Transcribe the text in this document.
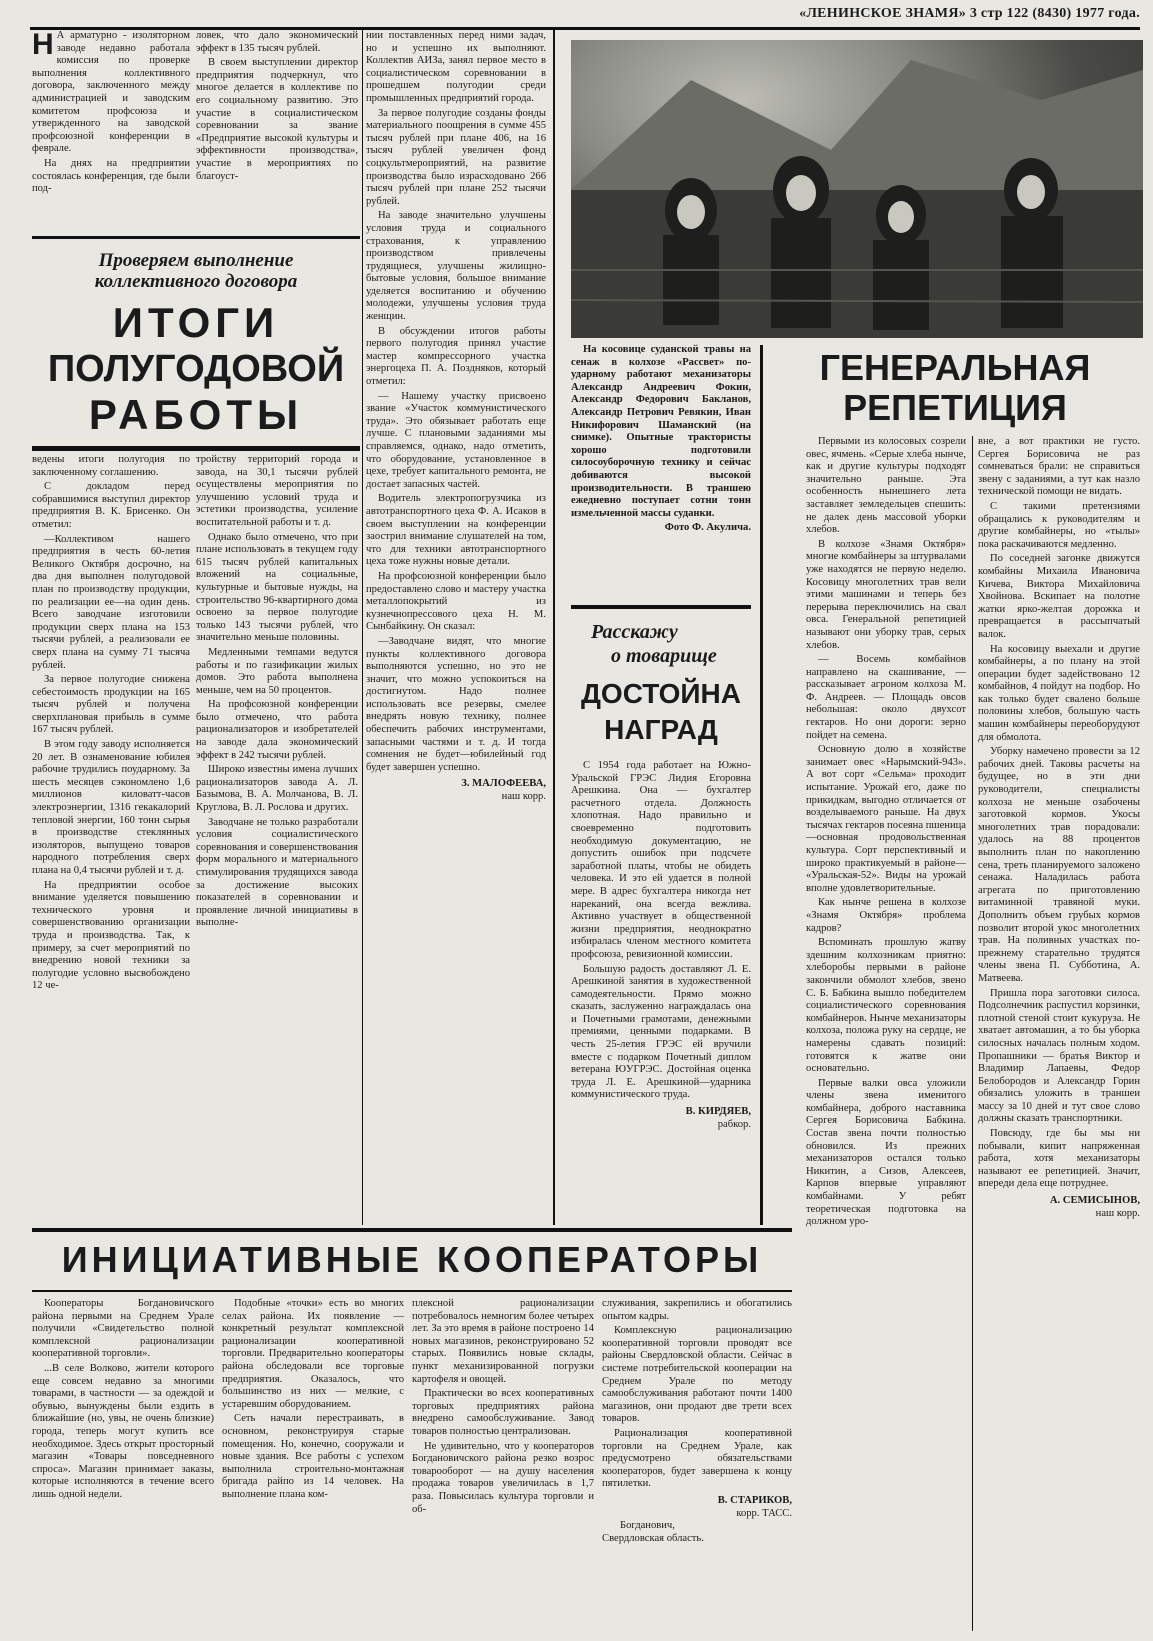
«ЛЕНИНСКОЕ ЗНАМЯ» 3 стр 122 (8430) 1977 года.
Н А арматурно - изоляторном заводе недавно работала комиссия по проверке выполнения коллективного договора, заключенного между администрацией и заводским комитетом профсоюза и утвержденного на заводской профсоюзной конференции в феврале.

На днях на предприятии состоялась конференция, где были под-

ловек, что дало экономический эффект в 135 тысяч рублей.

В своем выступлении директор предприятия подчеркнул, что многое делается в коллективе по его социальному развитию. Это участие в социалистическом соревновании за звание «Предприятие высокой культуры и эффективности производства», участие в мероприятиях по благоуст-

Проверяем выполнение
коллективного договора
ИТОГИ
ПОЛУГОДОВОЙ
РАБОТЫ

ведены итоги полугодия по заключенному соглашению.

С докладом перед собравшимися выступил директор предприятия В. К. Брисенко. Он отметил:

—Коллективом нашего предприятия в честь 60-летия Великого Октября досрочно, на два дня выполнен полугодовой план по производству продукции, по реализации ее—на один день. Всего заводчане изготовили продукции сверх плана на 153 тысячи рублей, а реализовали ее сверх плана на сумму 71 тысяча рублей.

За первое полугодие снижена себестоимость продукции на 165 тысяч рублей и получена сверхплановая прибыль в сумме 167 тысяч рублей.

В этом году заводу исполняется 20 лет. В ознаменование юбилея рабочие трудились поударному. За шесть месяцев сэкономлено 1,6 миллионов киловатт-часов электроэнергии, 1316 гекакалорий тепловой энергии, 160 тонн сырья в производстве стеклянных изоляторов, выпущено товаров народного потребления сверх плана на 0,4 тысячи рублей и т. д.

На предприятии особое внимание уделяется повышению технического уровня и совершенствованию организации труда и производства. Так, к примеру, за счет мероприятий по внедрению новой техники за полугодие условно высвобождено 12 че-

тройству территорий города и завода, на 30,1 тысячи рублей осуществлены мероприятия по улучшению условий труда и эстетики производства, усиление воспитательной работы и т. д.

Однако было отмечено, что при плане использовать в текущем году 615 тысяч рублей капитальных вложений на социальные, культурные и бытовые нужды, на строительство 96-квартирного дома освоено за первое полугодие только 143 тысячи рублей, что значительно меньше половины.

Медленными темпами ведутся работы и по газификации жилых домов. Это работа выполнена меньше, чем на 50 процентов.

На профсоюзной конференции было отмечено, что работа рационализаторов и изобретателей на заводе дала экономический эффект в 242 тысячи рублей.

Широко известны имена лучших рационализаторов завода А. Л. Базымова, В. А. Молчанова, В. Л. Круглова, В. Л. Рослова и других.

Заводчане не только разработали условия социалистического соревнования и совершенствования форм морального и материального стимулирования трудящихся завода за достижение высоких показателей в соревновании и проявление личной инициативы в выполне-

нии поставленных перед ними задач, но и успешно их выполняют. Коллектив АИЗа, занял первое место в социалистическом соревновании в прошедшем полугодии среди промышленных предприятий города.

За первое полугодие созданы фонды материального поощрения в сумме 455 тысяч рублей при плане 406, на 16 тысяч рублей увеличен фонд соцкультмероприятий, на развитие производства было израсходовано 266 тысяч рублей при плане 252 тысячи рублей.

На заводе значительно улучшены условия труда и социального страхования, к управлению производством привлечены трудящиеся, улучшены жилищно-бытовые условия, большое внимание уделяется воспитанию и обучению молодежи, улучшены условия труда женщин.

В обсуждении итогов работы первого полугодия принял участие мастер компрессорного участка энергоцеха П. А. Поздняков, который отметил:

— Нашему участку присвоено звание «Участок коммунистического труда». Это обязывает работать еще лучше. С плановыми заданиями мы справляемся, однако, надо отметить, что оборудование, установленное в цехе, требует капитального ремонта, не достает запасных частей.

Водитель электропогрузчика из автотранспортного цеха Ф. А. Исаков в своем выступлении на конференции заострил внимание слушателей на том, что для техники автотранспортного цеха тоже нужны новые детали.

На профсоюзной конференции было предоставлено слово и мастеру участка металлопокрытий из кузнечнопрессового цеха Н. М. Сынбайкину. Он сказал:

—Заводчане видят, что многие пункты коллективного договора выполняются успешно, но это не значит, что можно успокоиться на достигнутом. Надо полнее использовать все резервы, смелее внедрять новую технику, полнее обеспечить рабочих инструментами, запасными частями и т. д. И тогда сомнения не будет—юбилейный год будет завершен успешно.

З. МАЛОФЕЕВА,
наш корр.

На косовице суданской травы на сенаж в колхозе «Рассвет» по-ударному работают механизаторы Александр Андреевич Фокин, Александр Федорович Бакланов, Александр Петрович Ревякин, Иван Никифорович Шаманский (на снимке). Опытные трактористы хорошо подготовили силосоуборочную технику и сейчас добиваются высокой производительности. В траншею ежедневно поступает сотни тонн измельченной массы суданки.

Фото Ф. Акулича.
Расскажу
о товарище
ДОСТОЙНА
НАГРАД

С 1954 года работает на Южно-Уральской ГРЭС Лидия Егоровна Арешкина. Она — бухгалтер расчетного отдела. Должность хлопотная. Надо правильно и своевременно подготовить необходимую документацию, не допустить ошибок при подсчете заработной платы, чтобы не обидеть человека. И это ей удается в полной мере. В адрес бухгалтера никогда нет нареканий, она всегда вежлива. Активно участвует в общественной жизни предприятия, неоднократно избиралась членом местного комитета профсоюза, ревизионной комиссии.

Большую радость доставляют Л. Е. Арешкиной занятия в художественной самодеятельности. Прямо можно сказать, заслуженно награждалась она и Почетными грамотами, денежными премиями, ценными подарками. В честь 25-летия ГРЭС ей вручили вместе с подарком Почетный диплом ветерана ЮУГРЭС. Достойная оценка труда Л. Е. Арешкиной—ударника коммунистического труда.

В. КИРДЯЕВ,
рабкор.
ГЕНЕРАЛЬНАЯ
РЕПЕТИЦИЯ

Первыми из колосовых созрели овес, ячмень. «Серые хлеба нынче, как и другие культуры подходят значительно раньше. Эта особенность нынешнего лета заставляет земледельцев спешить: не далек день массовой уборки хлебов.

В колхозе «Знамя Октября» многие комбайнеры за штурвалами уже находятся не первую неделю. Косовицу многолетних трав вели этими машинами и теперь без перерыва переключились на свал овса. Генеральной репетицией называют они уборку трав, серых хлебов.

— Восемь комбайнов направлено на скашивание, — рассказывает агроном колхоза М. Ф. Андреев. — Площадь овсов небольшая: около двухсот гектаров. Но они дороги: зерно пойдет на семена.

Основную долю в хозяйстве занимает овес «Нарымский-943». А вот сорт «Сельма» проходит испытание. Урожай его, даже по прикидкам, выгодно отличается от возделываемого раньше. На двух тысячах гектаров посеяна пшеница —основная продовольственная культура. Сорт перспективный и широко практикуемый в районе— «Уральская-52». Виды на урожай вполне удовлетворительные.

Как нынче решена в колхозе «Знамя Октября» проблема кадров?

Вспоминать прошлую жатву здешним колхозникам приятно: хлеборобы первыми в районе закончили обмолот хлебов, звено С. Б. Бабкина вышло победителем социалистического соревнования комбайнеров. Нынче механизаторы колхоза, положа руку на сердце, не намерены сдавать позиций: готовятся к жатве они основательно.

Первые валки овса уложили члены звена именитого комбайнера, доброго наставника Сергея Борисовича Бабкина. Состав звена почти полностью обновился. Из прежних механизаторов остался только Никитин, а Сизов, Алексеев, Карпов впервые управляют комбайнами. У ребят теоретическая подготовка на должном уро-

вне, а вот практики не густо. Сергея Борисовича не раз сомневаться брали: не справиться звену с заданиями, а тут как назло технической помощи не видать.

С такими претензиями обращались к руководителям и другие комбайнеры, но «тылы» пока раскачиваются медленно.

По соседней загонке движутся комбайны Михаила Ивановича Кичева, Виктора Михайловича Хвойнова. Вскипает на полотне жатки ярко-желтая дорожка и превращается в рассыпчатый валок.

На косовицу выехали и другие комбайнеры, а по плану на этой операции будет задействовано 12 комбайнов, 4 пойдут на подбор. Но как только будет свалено больше половины хлебов, большую часть машин комбайнеры переоборудуют для обмолота.

Уборку намечено провести за 12 рабочих дней. Таковы расчеты на будущее, но в эти дни руководители, специалисты колхоза не меньше озабочены заготовкой кормов. Укосы многолетних трав порадовали: удалось на 88 процентов выполнить план по накоплению сена, треть планируемого заложено сенажа. Наладилась работа агрегата по приготовлению витаминной травяной муки. Дополнить объем грубых кормов позволит второй укос многолетних трав. На поливных участках по-прежнему старательно трудятся члены звена П. Субботина, А. Матвеева.

Пришла пора заготовки силоса. Подсолнечник распустил корзинки, плотной стеной стоит кукуруза. Не хватает автомашин, а то бы уборка силосных началась полным ходом. Пропашники — братья Виктор и Владимир Лапаевы, Федор Белобородов и Александр Горин обязались уложить в траншеи массу за 10 дней и тут свое слово должны сказать транспортники.

Повсюду, где бы мы ни побывали, кипит напряженная работа, хотя механизаторы называют ее репетицией. Значит, впереди дела еще потруднее.

А. СЕМИСЫНОВ,
наш корр.
ИНИЦИАТИВНЫЕ КООПЕРАТОРЫ

Кооператоры Богдановичского района первыми на Среднем Урале получили «Свидетельство полной комплексной рационализации кооперативной торговли».

...В селе Волково, жители которого еще совсем недавно за многими товарами, в частности — за одеждой и обувью, вынуждены были ездить в ближайшие (но, увы, не очень близкие) города, теперь могут купить все необходимое. Здесь открыт просторный магазин «Товары повседневного спроса». Магазин принимает заказы, которые исполняются в течение всего лишь одной недели.

Подобные «точки» есть во многих селах района. Их появление — конкретный результат комплексной рационализации кооперативной торговли. Предварительно кооператоры района обследовали все торговые предприятия. Оказалось, что большинство из них — мелкие, с устаревшим оборудованием.

Сеть начали перестраивать, в основном, реконструируя старые помещения. Но, конечно, сооружали и новые здания. Все работы с успехом выполнила строительно-монтажная бригада райпо из 14 человек. На выполнение плана ком-

плексной рационализации потребовалось немногим более четырех лет. За это время в районе построено 14 новых магазинов, реконструировано 52 старых. Появились новые склады, пункт механизированной погрузки картофеля и овощей.

Практически во всех кооперативных торговых предприятиях района внедрено самообслуживание. Завод товаров полностью централизован.

Не удивительно, что у кооператоров Богдановичского района резко возрос товарооборот — на душу населения продажа товаров увеличилась в 1,7 раза. Повысилась культура торговли и об-

служивания, закрепились и обогатились опытом кадры.

Комплексную рационализацию кооперативной торговли проводят все районы Свердловской области. Сейчас в системе потребительской кооперации на Среднем Урале по методу самообслуживания работают почти 1400 магазинов, они продают две трети всех товаров.

Рационализация кооперативной торговли на Среднем Урале, как предусмотрено обязательствами кооператоров, будет завершена к концу пятилетки.

В. СТАРИКОВ,
корр. ТАСС.
Богданович,
Свердловская область.
